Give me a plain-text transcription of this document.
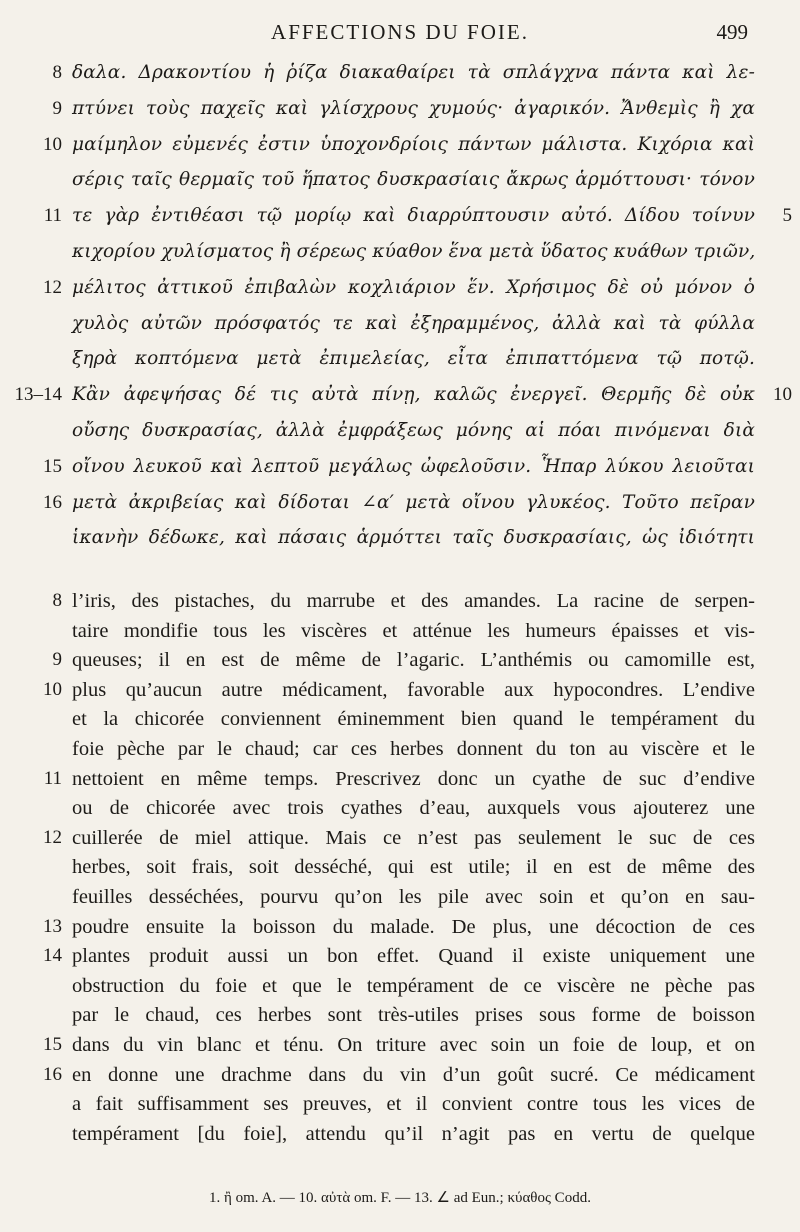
AFFECTIONS DU FOIE.	499
8 δαλα. Δρακοντίου ἡ ῥίζα διακαθαίρει τὰ σπλάγχνα πάντα καὶ λε-
9 πτύνει τοὺς παχεῖς καὶ γλίσχρους χυμούς· ἀγαρικόν. Ἄνθεμὶς ἢ χα
10 μαίμηλον εὐμενές ἐστιν ὑποχονδρίοις πάντων μάλιστα. Κιχόρια καὶ
σέρις ταῖς θερμαῖς τοῦ ἥπατος δυσκρασίαις ἄκρως ἁρμόττουσι· τόνον
11 τε γὰρ ἐντιθέασι τῷ μορίῳ καὶ διαρρύπτουσιν αὐτό. Δίδου τοίνυν	5
κιχορίου χυλίσματος ἢ σέρεως κύαθον ἕνα μετὰ ὕδατος κυάθων τριῶν,
12 μέλιτος ἀττικοῦ ἐπιβαλὼν κοχλιάριον ἕν. Χρήσιμος δὲ οὐ μόνον ὁ
χυλὸς αὐτῶν πρόσφατός τε καὶ ἐξηραμμένος, ἀλλὰ καὶ τὰ φύλλα
ξηρὰ κοπτόμενα μετὰ ἐπιμελείας, εἶτα ἐπιπαττόμενα τῷ ποτῷ.
13–14 Κἂν ἀφεψήσας δέ τις αὐτὰ πίνῃ, καλῶς ἐνεργεῖ. Θερμῆς δὲ οὐκ 10
οὔσης δυσκρασίας, ἀλλὰ ἐμφράξεως μόνης αἱ πόαι πινόμεναι διὰ
15 οἴνου λευκοῦ καὶ λεπτοῦ μεγάλως ὠφελοῦσιν. Ἧπαρ λύκου λειοῦται
16 μετὰ ἀκριβείας καὶ δίδοται ∠α′ μετὰ οἴνου γλυκέος. Τοῦτο πεῖραν
ἱκανὴν δέδωκε, καὶ πάσαις ἁρμόττει ταῖς δυσκρασίαις, ὡς ἰδιότητι
8 l’iris, des pistaches, du marrube et des amandes. La racine de serpen-
taire mondifie tous les viscères et atténue les humeurs épaisses et vis-
9 queuses; il en est de même de l’agaric. L’anthémis ou camomille est,
10 plus qu’aucun autre médicament, favorable aux hypocondres. L’endive
et la chicorée conviennent éminemment bien quand le tempérament du
foie pèche par le chaud; car ces herbes donnent du ton au viscère et le
11 nettoient en même temps. Prescrivez donc un cyathe de suc d’endive
ou de chicorée avec trois cyathes d’eau, auxquels vous ajouterez une
12 cuillerée de miel attique. Mais ce n’est pas seulement le suc de ces
herbes, soit frais, soit desséché, qui est utile; il en est de même des
feuilles desséchées, pourvu qu’on les pile avec soin et qu’on en sau-
13 poudre ensuite la boisson du malade. De plus, une décoction de ces
14 plantes produit aussi un bon effet. Quand il existe uniquement une
obstruction du foie et que le tempérament de ce viscère ne pèche pas
par le chaud, ces herbes sont très-utiles prises sous forme de boisson
15 dans du vin blanc et ténu. On triture avec soin un foie de loup, et on
16 en donne une drachme dans du vin d’un goût sucré. Ce médicament
a fait suffisamment ses preuves, et il convient contre tous les vices de
tempérament [du foie], attendu qu’il n’agit pas en vertu de quelque
1. ἢ om. A. — 10. αὐτὰ om. F. — 13. ∠ ad Eun.; κύαθος Codd.
